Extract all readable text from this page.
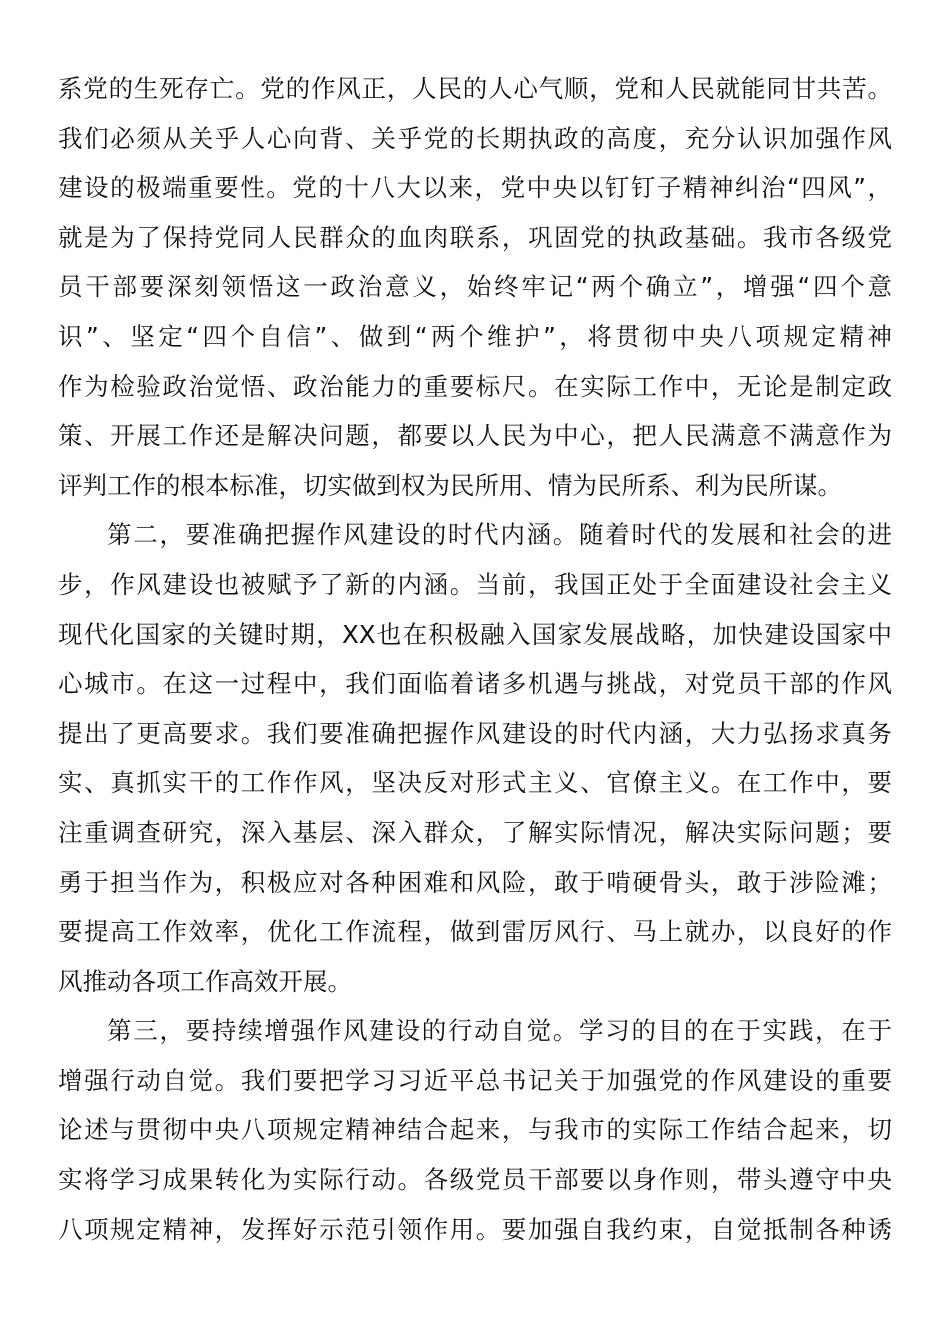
系党的生死存亡。党的作风正，人民的人心气顺，党和人民就能同甘共苦。
我们必须从关乎人心向背、关乎党的长期执政的高度，充分认识加强作风
建设的极端重要性。党的十八大以来，党中央以钉钉子精神纠治“四风”，
就是为了保持党同人民群众的血肉联系，巩固党的执政基础。我市各级党
员干部要深刻领悟这一政治意义，始终牢记“两个确立”，增强“四个意
识”、坚定“四个自信”、做到“两个维护”，将贯彻中央八项规定精神
作为检验政治觉悟、政治能力的重要标尺。在实际工作中，无论是制定政
策、开展工作还是解决问题，都要以人民为中心，把人民满意不满意作为
评判工作的根本标准，切实做到权为民所用、情为民所系、利为民所谋。
第二，要准确把握作风建设的时代内涵。随着时代的发展和社会的进
步，作风建设也被赋予了新的内涵。当前，我国正处于全面建设社会主义
现代化国家的关键时期，XX也在积极融入国家发展战略，加快建设国家中
心城市。在这一过程中，我们面临着诸多机遇与挑战，对党员干部的作风
提出了更高要求。我们要准确把握作风建设的时代内涵，大力弘扬求真务
实、真抓实干的工作作风，坚决反对形式主义、官僚主义。在工作中，要
注重调查研究，深入基层、深入群众，了解实际情况，解决实际问题；要
勇于担当作为，积极应对各种困难和风险，敢于啃硬骨头，敢于涉险滩；
要提高工作效率，优化工作流程，做到雷厉风行、马上就办，以良好的作
风推动各项工作高效开展。
第三，要持续增强作风建设的行动自觉。学习的目的在于实践，在于
增强行动自觉。我们要把学习习近平总书记关于加强党的作风建设的重要
论述与贯彻中央八项规定精神结合起来，与我市的实际工作结合起来，切
实将学习成果转化为实际行动。各级党员干部要以身作则，带头遵守中央
八项规定精神，发挥好示范引领作用。要加强自我约束，自觉抵制各种诱
